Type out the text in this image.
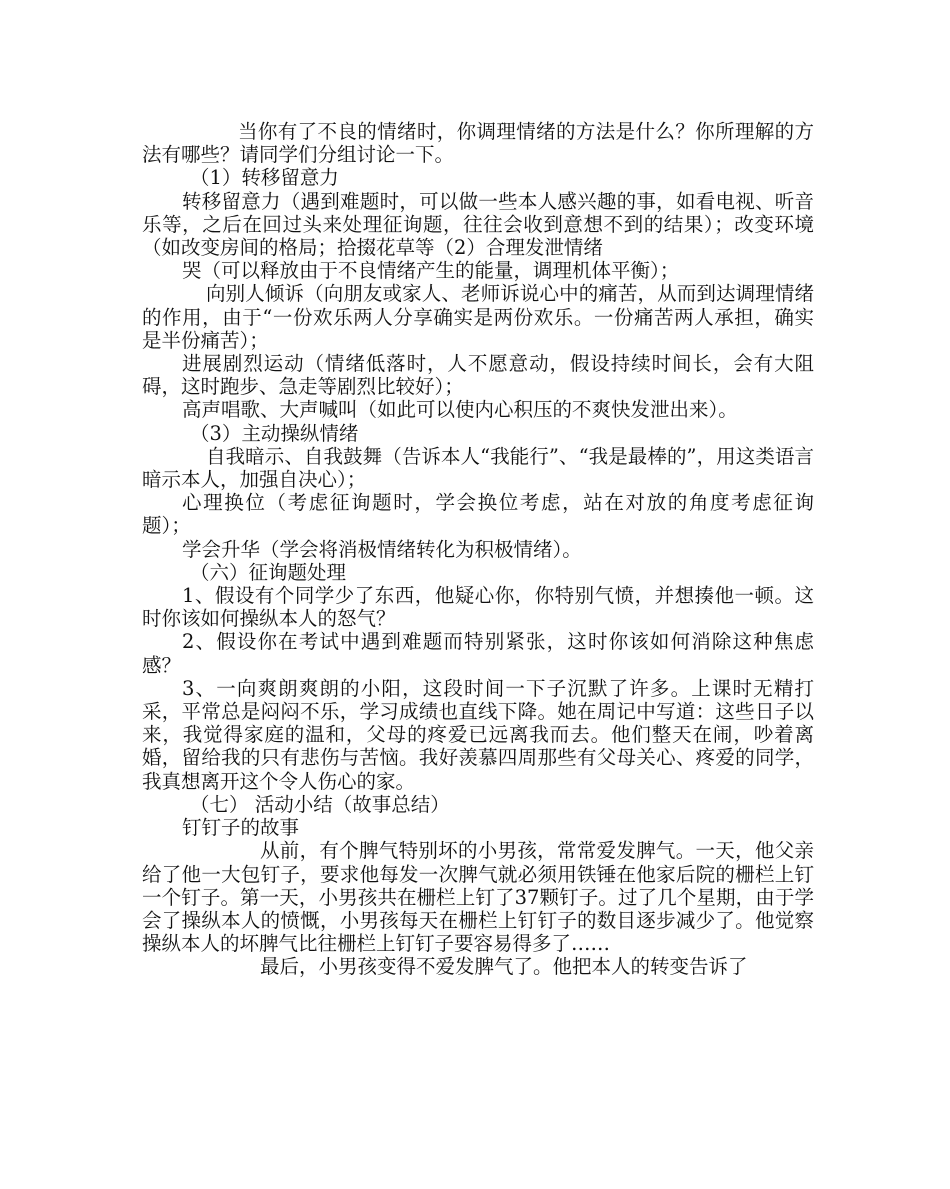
当你有了不良的情绪时，你调理情绪的方法是什么？你所理解的方法有哪些？请同学们分组讨论一下。

（1）转移留意力

转移留意力（遇到难题时，可以做一些本人感兴趣的事，如看电视、听音乐等，之后在回过头来处理征询题，往往会收到意想不到的结果）；改变环境（如改变房间的格局；拾掇花草等（2）合理发泄情绪

哭（可以释放由于不良情绪产生的能量，调理机体平衡）；

向别人倾诉（向朋友或家人、老师诉说心中的痛苦，从而到达调理情绪的作用，由于“一份欢乐两人分享确实是两份欢乐。一份痛苦两人承担，确实是半份痛苦）；

进展剧烈运动（情绪低落时，人不愿意动，假设持续时间长，会有大阻碍，这时跑步、急走等剧烈比较好）；

高声唱歌、大声喊叫（如此可以使内心积压的不爽快发泄出来）。

（3）主动操纵情绪

自我暗示、自我鼓舞（告诉本人“我能行”、“我是最棒的”，用这类语言暗示本人，加强自决心）；

心理换位（考虑征询题时，学会换位考虑，站在对放的角度考虑征询题）；

学会升华（学会将消极情绪转化为积极情绪）。

（六）征询题处理

1、假设有个同学少了东西，他疑心你，你特别气愤，并想揍他一顿。这时你该如何操纵本人的怒气？

2、假设你在考试中遇到难题而特别紧张，这时你该如何消除这种焦虑感？

3、一向爽朗爽朗的小阳，这段时间一下子沉默了许多。上课时无精打采，平常总是闷闷不乐，学习成绩也直线下降。她在周记中写道：这些日子以来，我觉得家庭的温和，父母的疼爱已远离我而去。他们整天在闹，吵着离婚，留给我的只有悲伤与苦恼。我好羡慕四周那些有父母关心、疼爱的同学，我真想离开这个令人伤心的家。

（七） 活动小结（故事总结）

钉钉子的故事

从前，有个脾气特别坏的小男孩，常常爱发脾气。一天，他父亲给了他一大包钉子，要求他每发一次脾气就必须用铁锤在他家后院的栅栏上钉一个钉子。第一天，小男孩共在栅栏上钉了37颗钉子。过了几个星期，由于学会了操纵本人的愤慨，小男孩每天在栅栏上钉钉子的数目逐步减少了。他觉察操纵本人的坏脾气比往栅栏上钉钉子要容易得多了……

最后，小男孩变得不爱发脾气了。他把本人的转变告诉了
